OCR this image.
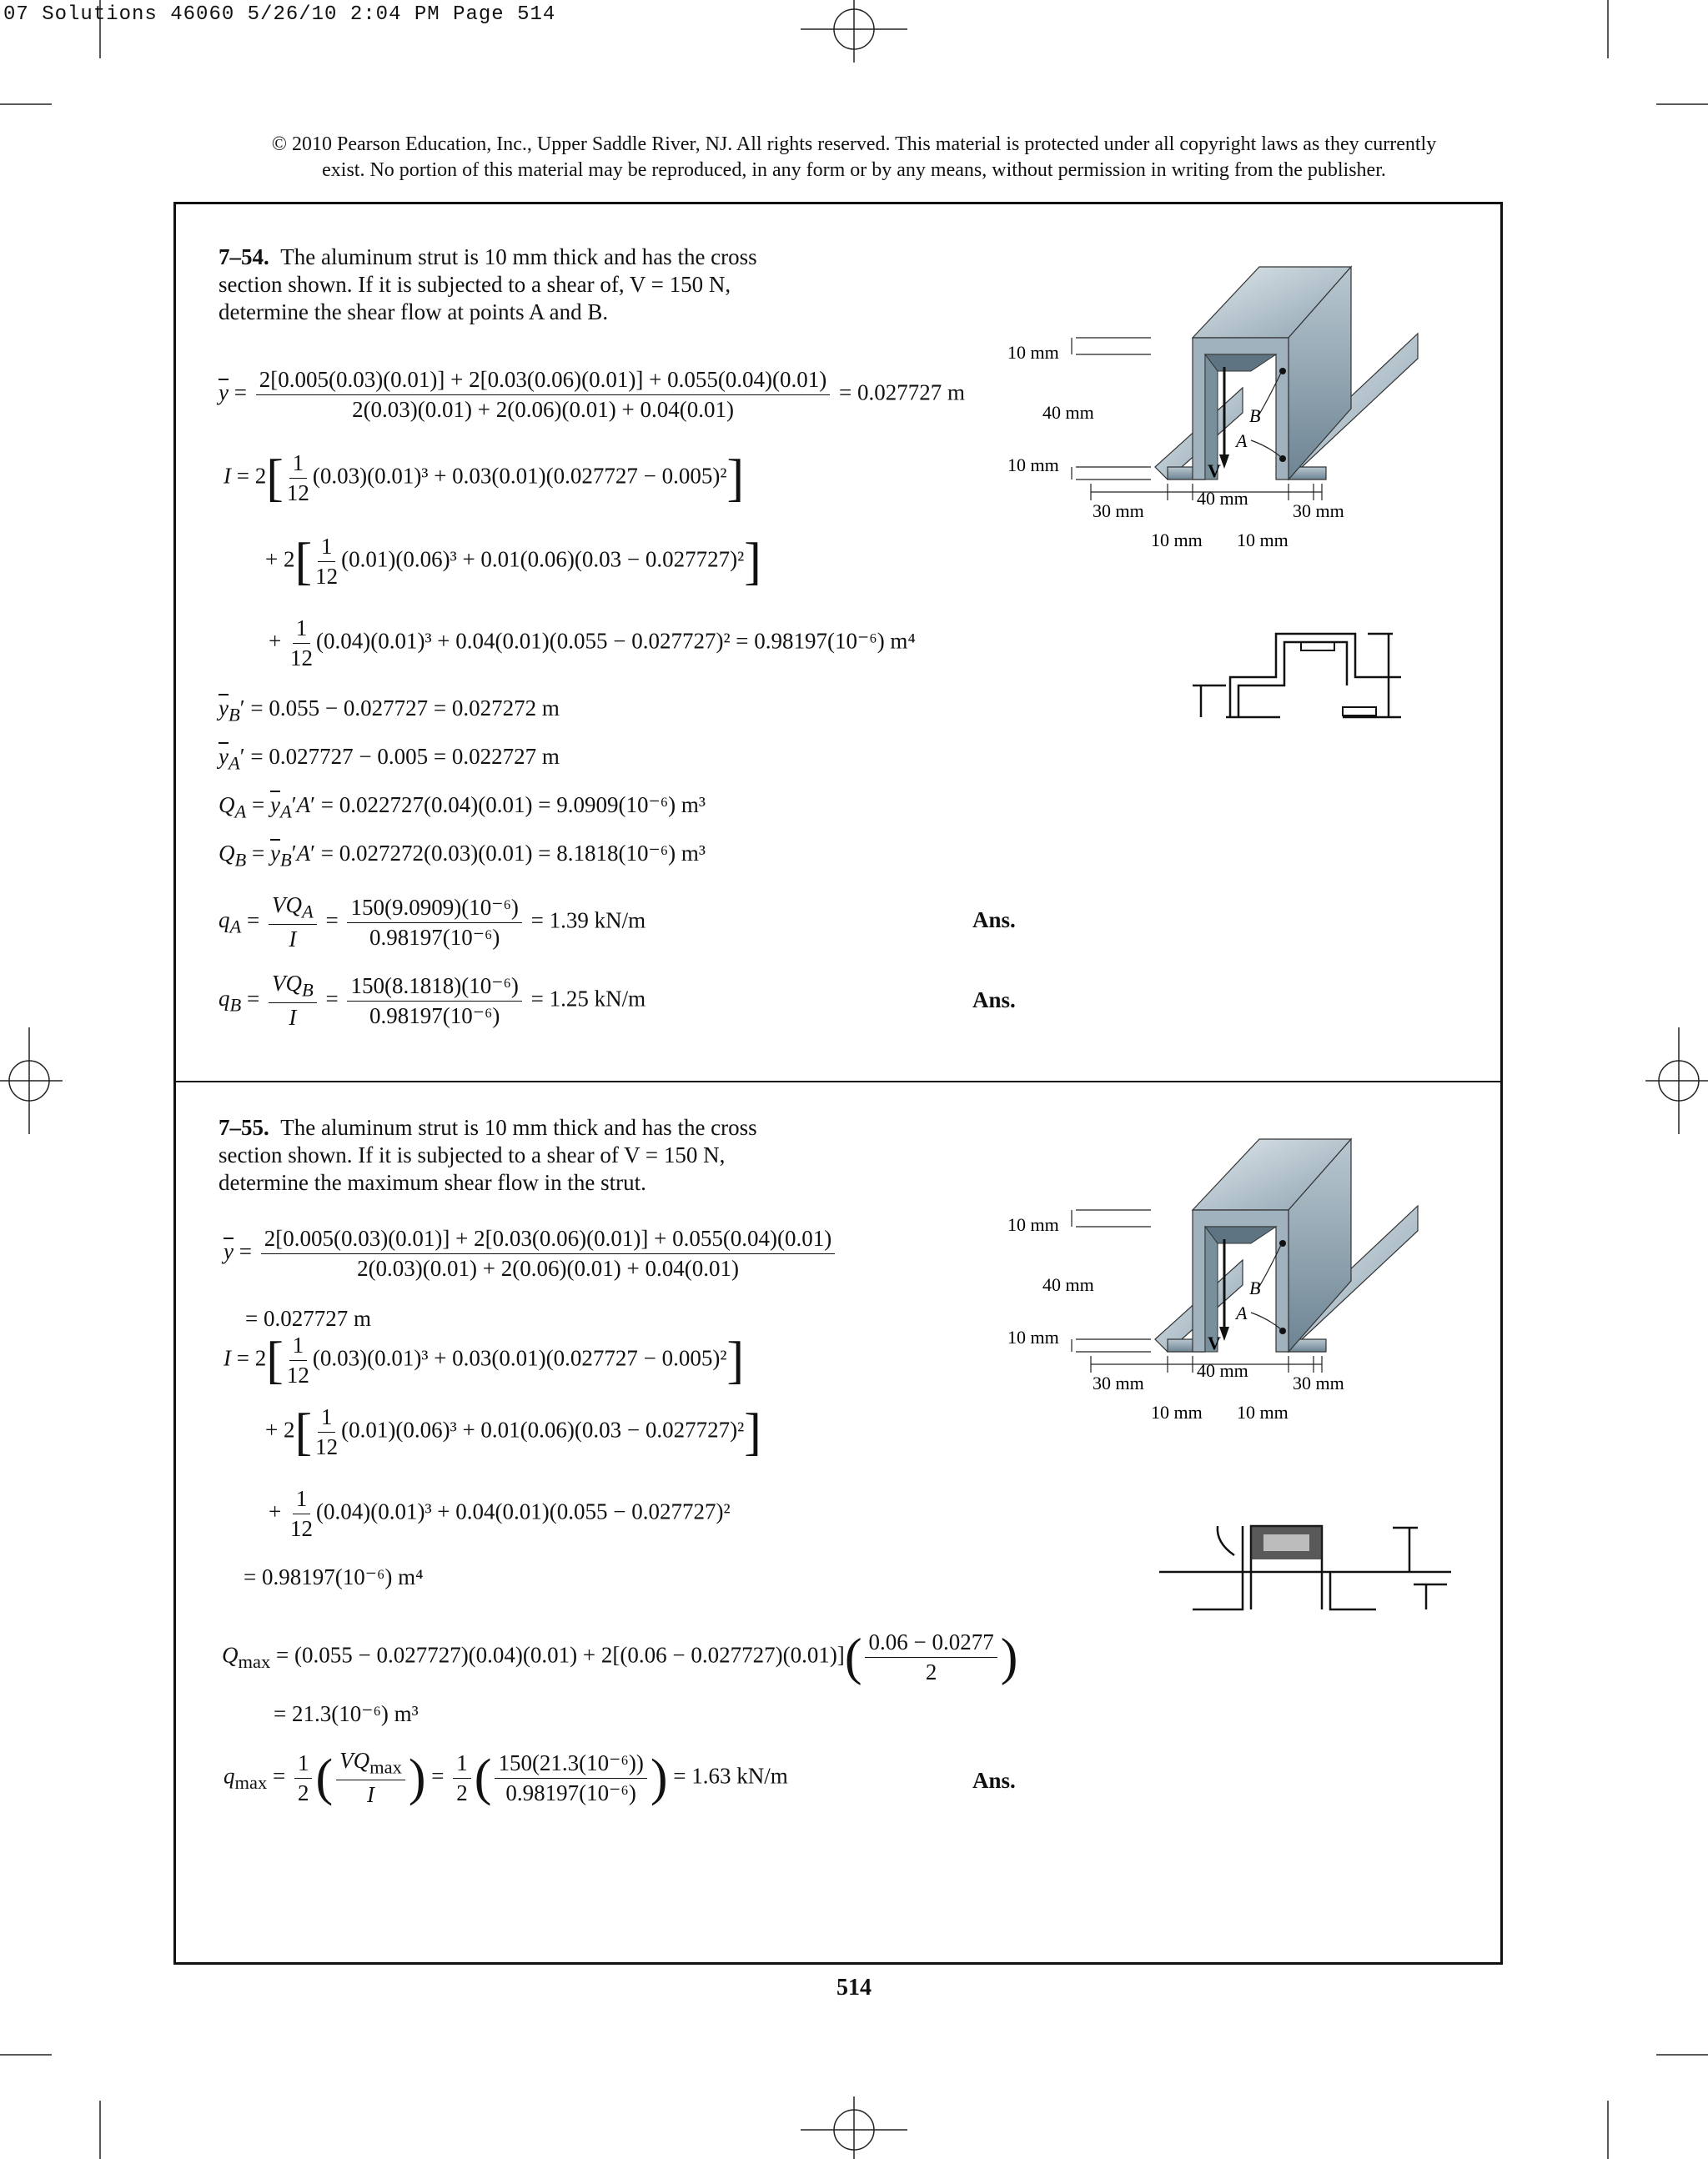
07 Solutions 46060 5/26/10 2:04 PM Page 514
© 2010 Pearson Education, Inc., Upper Saddle River, NJ. All rights reserved. This material is protected under all copyright laws as they currently
exist. No portion of this material may be reproduced, in any form or by any means, without permission in writing from the publisher.
7–54. The aluminum strut is 10 mm thick and has the cross
section shown. If it is subjected to a shear of, V = 150 N,
determine the shear flow at points A and B.
$\overline{y}$ =
2[0.005(0.03)(0.01)] + 2[0.03(0.06)(0.01)] + 0.055(0.04)(0.01)
2(0.03)(0.01) + 2(0.06)(0.01) + 0.04(0.01)
= 0.027727 m
$I = 2[ \frac{1}{12} (0.03)(0.01)^3 + 0.03(0.01)(0.027727 - 0.005)^2]$
+ $2[ \frac{1}{12} (0.01)(0.06)^3 + 0.01(0.06)(0.03 - 0.027727)^2]$
+ $\frac{1}{12} (0.04)(0.01)^3 + 0.04(0.01)(0.055 - 0.027727)^2 = 0.98197(10^{-6})$ m⁴
$\overline{y}_B' = 0.055 - 0.027727 = 0.027272$ m
$\overline{y}_A' = 0.027727 - 0.005 = 0.022727$ m
$Q_A = \overline{y}_A'A' = 0.022727(0.04)(0.01) = 9.0909(10^{-6})$ m³
$Q_B = \overline{y}_B'A' = 0.027272(0.03)(0.01) = 8.1818(10^{-6})$ m³
$q_A = \frac{VQ_A}{I} = \frac{\text{150(9.0909)(10⁻⁶)}}{\text{0.98197(10⁻⁶)}} = 1.39$ kN/m	Ans.
$q_B = \frac{VQ_B}{I} = \frac{\text{150(8.1818)(10⁻⁶)}}{\text{0.98197(10⁻⁶)}} = 1.25$ kN/m	Ans.
B
A
V
10 mm
40 mm
10 mm
30 mm
40 mm
30 mm
10 mm 10 mm
7–55. The aluminum strut is 10 mm thick and has the cross
section shown. If it is subjected to a shear of V = 150 N,
determine the maximum shear flow in the strut.
$\overline{y}$ =
2[0.005(0.03)(0.01)] + 2[0.03(0.06)(0.01)] + 0.055(0.04)(0.01)
2(0.03)(0.01) + 2(0.06)(0.01) + 0.04(0.01)
= 0.027727 m
$I = 2[ \frac{1}{12} (0.03)(0.01)^3 + 0.03(0.01)(0.027727 - 0.005)^2]$
+ $2[ \frac{1}{12} (0.01)(0.06)^3 + 0.01(0.06)(0.03 - 0.027727)^2]$
+ $\frac{1}{12} (0.04)(0.01)^3 + 0.04(0.01)(0.055 - 0.027727)^2$
= 0.98197(10⁻⁶) m⁴
$Q_{max} = (0.055 - 0.027727)(0.04)(0.01) + 2[(0.06 - 0.027727)(0.01)]( \frac{0.06 - 0.0277}{2}$ )
= 21.3(10⁻⁶) m³
$q_{max} = \frac{1}{2}$ ( $\frac{VQ_{max}}{I}$ ) = $\frac{1}{2}$ ( $\frac{\text{150(21.3(10⁻⁶))}}{\text{0.98197(10⁻⁶)}}$ ) = 1.63 kN/m	Ans.
B
A
V
10 mm
40 mm
10 mm
30 mm
40 mm
30 mm
10 mm 10 mm
514
